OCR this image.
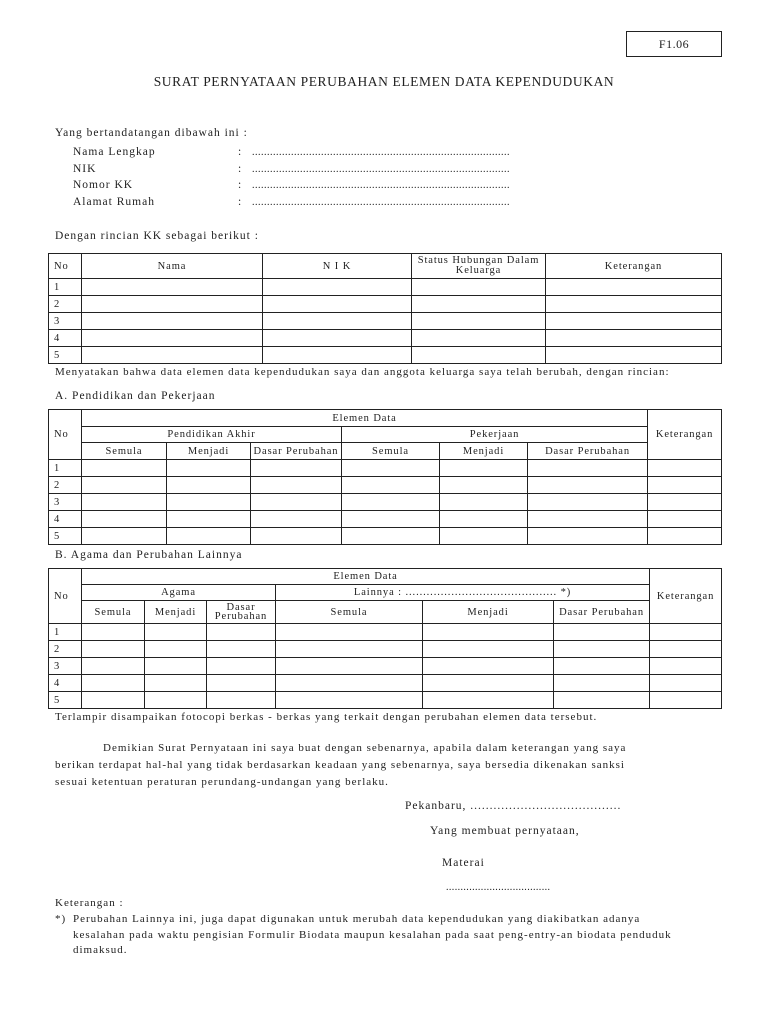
F1.06
SURAT PERNYATAAN PERUBAHAN ELEMEN DATA KEPENDUDUKAN
Yang bertandatangan dibawah ini :
Nama Lengkap	: ......................................................................................
NIK	: ......................................................................................
Nomor KK	: ......................................................................................
Alamat Rumah	: ......................................................................................
Dengan rincian KK sebagai berikut :
No	Nama	N I K	Status Hubungan Dalam Keluarga	Keterangan
1				
2				
3				
4				
5				
Menyatakan bahwa data elemen data kependudukan saya dan anggota keluarga saya telah berubah, dengan rincian:
A. Pendidikan dan Pekerjaan
No	Elemen Data						Keterangan
	Pendidikan Akhir			Pekerjaan			
	Semula	Menjadi	Dasar Perubahan	Semula	Menjadi	Dasar Perubahan	
1							
2							
3							
4							
5							
B. Agama dan Perubahan Lainnya
No	Elemen Data						Keterangan
	Agama			Lainnya : ........................................... *)			
	Semula	Menjadi	Dasar Perubahan	Semula	Menjadi	Dasar Perubahan	
1							
2							
3							
4							
5							
Terlampir disampaikan fotocopi berkas - berkas yang terkait dengan perubahan elemen data tersebut.
Demikian Surat Pernyataan ini saya buat dengan sebenarnya, apabila dalam keterangan yang saya
berikan terdapat hal-hal yang tidak berdasarkan keadaan yang sebenarnya, saya bersedia dikenakan sanksi
sesuai ketentuan peraturan perundang-undangan yang berlaku.
Pekanbaru, .......................................
Yang membuat pernyataan,
Materai
....................................
Keterangan :
*) Perubahan Lainnya ini, juga dapat digunakan untuk merubah data kependudukan yang diakibatkan adanya
kesalahan pada waktu pengisian Formulir Biodata maupun kesalahan pada saat peng-entry-an biodata penduduk
dimaksud.
